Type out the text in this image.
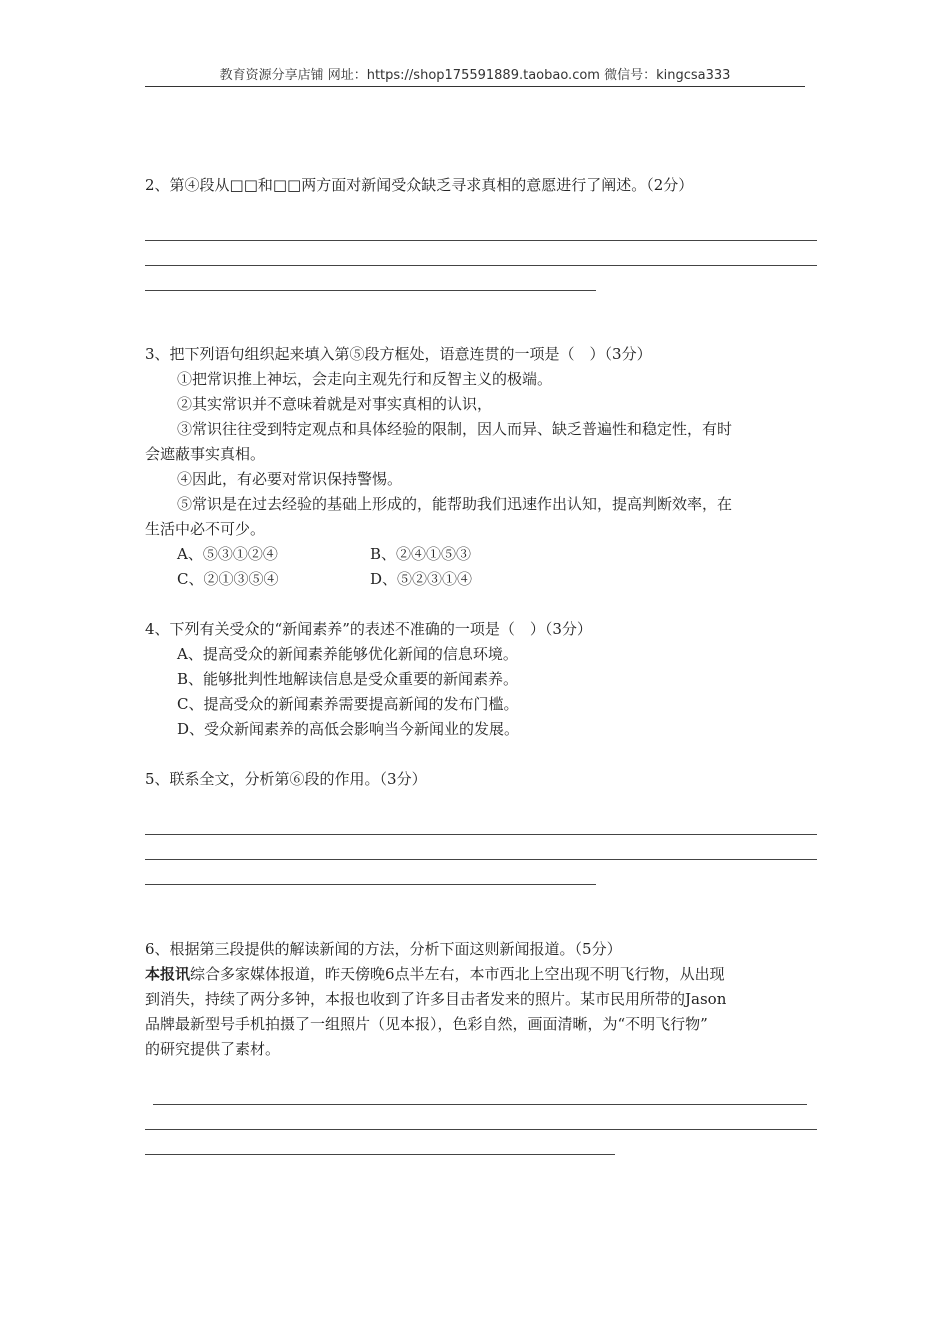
教育资源分享店铺 网址：https://shop175591889.taobao.com 微信号：kingcsa333
2、第④段从□□和□□两方面对新闻受众缺乏寻求真相的意愿进行了阐述。（2分）
3、把下列语句组织起来填入第⑤段方框处，语意连贯的一项是（　）（3分）
①把常识推上神坛，会走向主观先行和反智主义的极端。
②其实常识并不意味着就是对事实真相的认识，
③常识往往受到特定观点和具体经验的限制，因人而异、缺乏普遍性和稳定性，有时
会遮蔽事实真相。
④因此，有必要对常识保持警惕。
⑤常识是在过去经验的基础上形成的，能帮助我们迅速作出认知，提高判断效率，在
生活中必不可少。
A、⑤③①②④	B、②④①⑤③
C、②①③⑤④	D、⑤②③①④
4、下列有关受众的“新闻素养”的表述不准确的一项是（　）（3分）
A、提高受众的新闻素养能够优化新闻的信息环境。
B、能够批判性地解读信息是受众重要的新闻素养。
C、提高受众的新闻素养需要提高新闻的发布门槛。
D、受众新闻素养的高低会影响当今新闻业的发展。
5、联系全文，分析第⑥段的作用。（3分）
6、根据第三段提供的解读新闻的方法，分析下面这则新闻报道。（5分）
本报讯综合多家媒体报道，昨天傍晚6点半左右，本市西北上空出现不明飞行物，从出现
到消失，持续了两分多钟，本报也收到了许多目击者发来的照片。某市民用所带的Jason
品牌最新型号手机拍摄了一组照片（见本报），色彩自然，画面清晰，为“不明飞行物”
的研究提供了素材。
